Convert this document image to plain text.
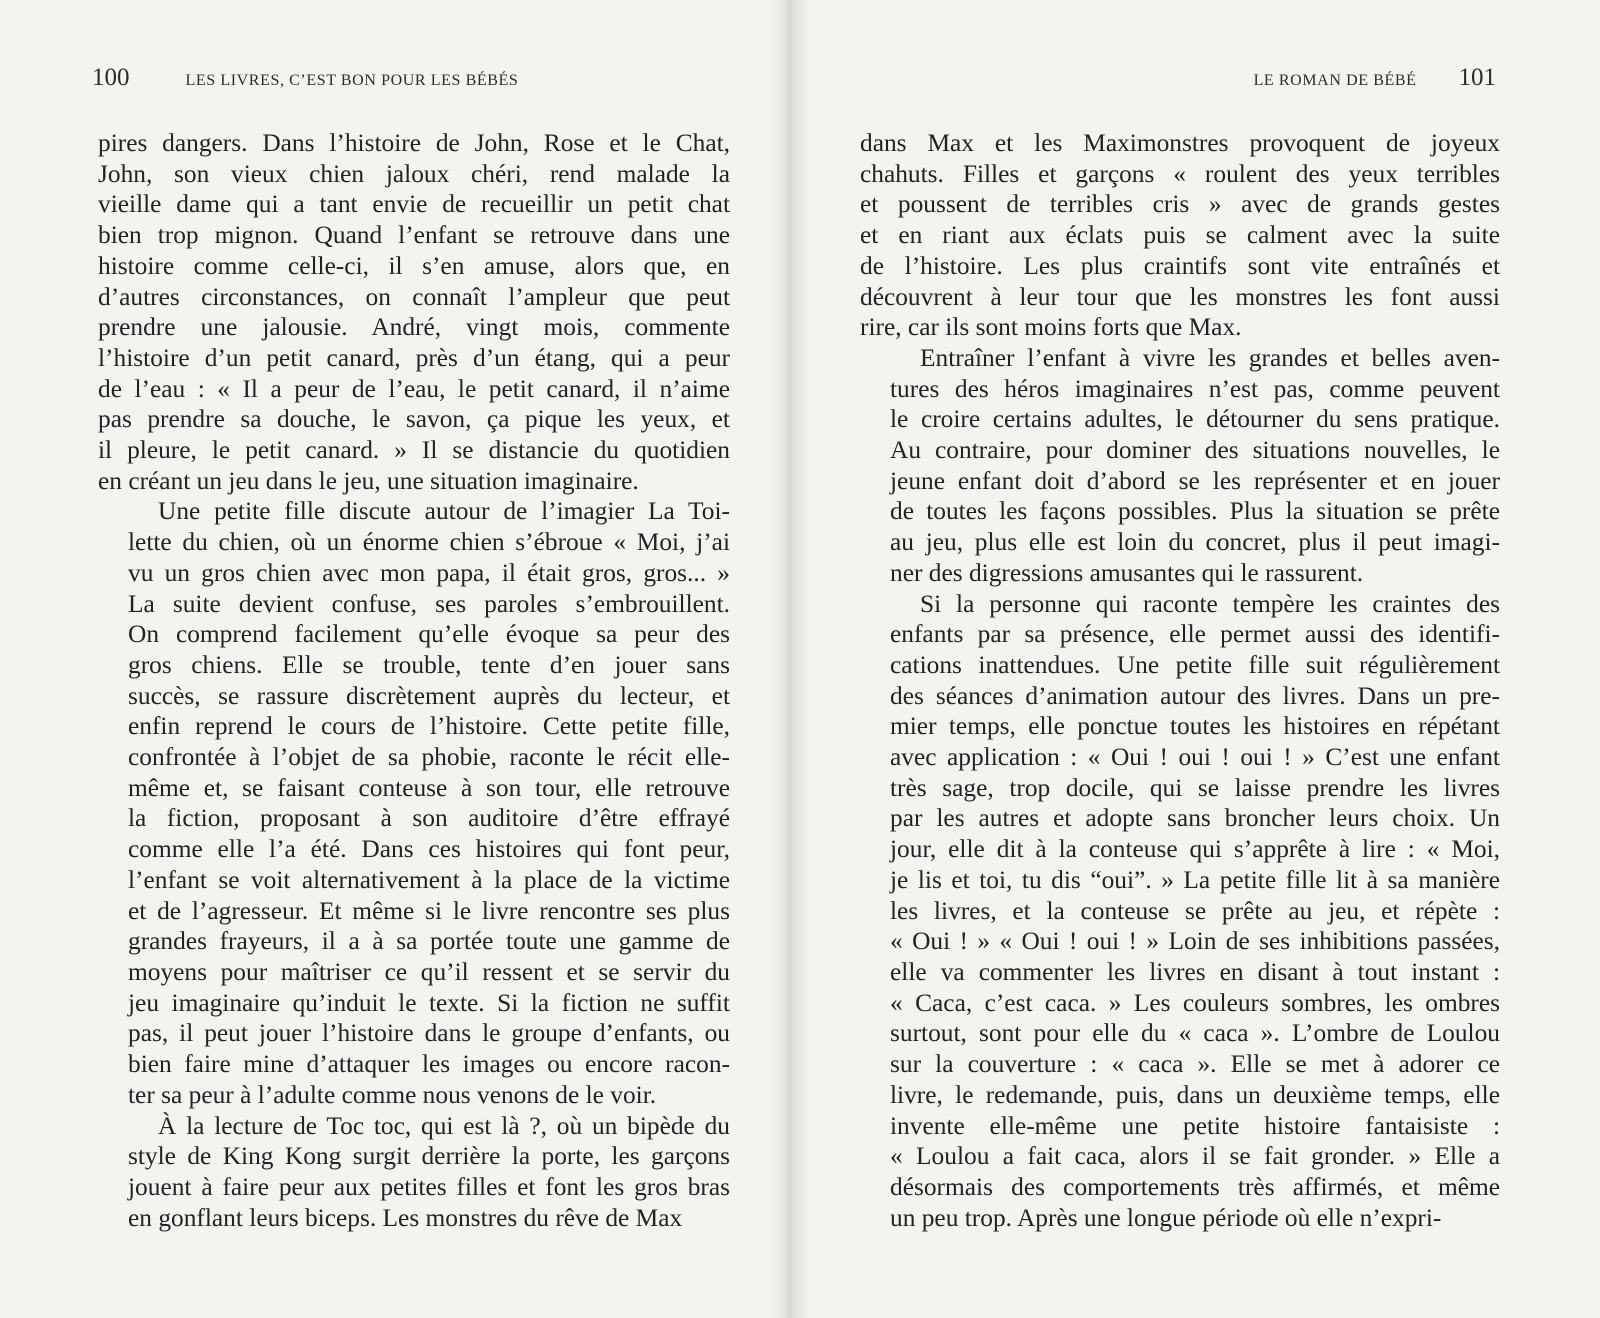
100	LES LIVRES, C’EST BON POUR LES BÉBÉS

pires dangers. Dans l’histoire de John, Rose et le Chat,
John, son vieux chien jaloux chéri, rend malade la
vieille dame qui a tant envie de recueillir un petit chat
bien trop mignon. Quand l’enfant se retrouve dans une
histoire comme celle-ci, il s’en amuse, alors que, en
d’autres circonstances, on connaît l’ampleur que peut
prendre une jalousie. André, vingt mois, commente
l’histoire d’un petit canard, près d’un étang, qui a peur
de l’eau : « Il a peur de l’eau, le petit canard, il n’aime
pas prendre sa douche, le savon, ça pique les yeux, et
il pleure, le petit canard. » Il se distancie du quotidien
en créant un jeu dans le jeu, une situation imaginaire.

Une petite fille discute autour de l’imagier La Toi-
lette du chien, où un énorme chien s’ébroue « Moi, j’ai
vu un gros chien avec mon papa, il était gros, gros... »
La suite devient confuse, ses paroles s’embrouillent.
On comprend facilement qu’elle évoque sa peur des
gros chiens. Elle se trouble, tente d’en jouer sans
succès, se rassure discrètement auprès du lecteur, et
enfin reprend le cours de l’histoire. Cette petite fille,
confrontée à l’objet de sa phobie, raconte le récit elle-
même et, se faisant conteuse à son tour, elle retrouve
la fiction, proposant à son auditoire d’être effrayé
comme elle l’a été. Dans ces histoires qui font peur,
l’enfant se voit alternativement à la place de la victime
et de l’agresseur. Et même si le livre rencontre ses plus
grandes frayeurs, il a à sa portée toute une gamme de
moyens pour maîtriser ce qu’il ressent et se servir du
jeu imaginaire qu’induit le texte. Si la fiction ne suffit
pas, il peut jouer l’histoire dans le groupe d’enfants, ou
bien faire mine d’attaquer les images ou encore racon-
ter sa peur à l’adulte comme nous venons de le voir.

À la lecture de Toc toc, qui est là ?, où un bipède du
style de King Kong surgit derrière la porte, les garçons
jouent à faire peur aux petites filles et font les gros bras
en gonflant leurs biceps. Les monstres du rêve de Max

LE ROMAN DE BÉBÉ 101

dans Max et les Maximonstres provoquent de joyeux
chahuts. Filles et garçons « roulent des yeux terribles
et poussent de terribles cris » avec de grands gestes
et en riant aux éclats puis se calment avec la suite
de l’histoire. Les plus craintifs sont vite entraînés et
découvrent à leur tour que les monstres les font aussi
rire, car ils sont moins forts que Max.

Entraîner l’enfant à vivre les grandes et belles aven-
tures des héros imaginaires n’est pas, comme peuvent
le croire certains adultes, le détourner du sens pratique.
Au contraire, pour dominer des situations nouvelles, le
jeune enfant doit d’abord se les représenter et en jouer
de toutes les façons possibles. Plus la situation se prête
au jeu, plus elle est loin du concret, plus il peut imagi-
ner des digressions amusantes qui le rassurent.

Si la personne qui raconte tempère les craintes des
enfants par sa présence, elle permet aussi des identifi-
cations inattendues. Une petite fille suit régulièrement
des séances d’animation autour des livres. Dans un pre-
mier temps, elle ponctue toutes les histoires en répétant
avec application : « Oui ! oui ! oui ! » C’est une enfant
très sage, trop docile, qui se laisse prendre les livres
par les autres et adopte sans broncher leurs choix. Un
jour, elle dit à la conteuse qui s’apprête à lire : « Moi,
je lis et toi, tu dis “oui”. » La petite fille lit à sa manière
les livres, et la conteuse se prête au jeu, et répète :
« Oui ! » « Oui ! oui ! » Loin de ses inhibitions passées,
elle va commenter les livres en disant à tout instant :
« Caca, c’est caca. » Les couleurs sombres, les ombres
surtout, sont pour elle du « caca ». L’ombre de Loulou
sur la couverture : « caca ». Elle se met à adorer ce
livre, le redemande, puis, dans un deuxième temps, elle
invente elle-même une petite histoire fantaisiste :
« Loulou a fait caca, alors il se fait gronder. » Elle a
désormais des comportements très affirmés, et même
un peu trop. Après une longue période où elle n’expri-
